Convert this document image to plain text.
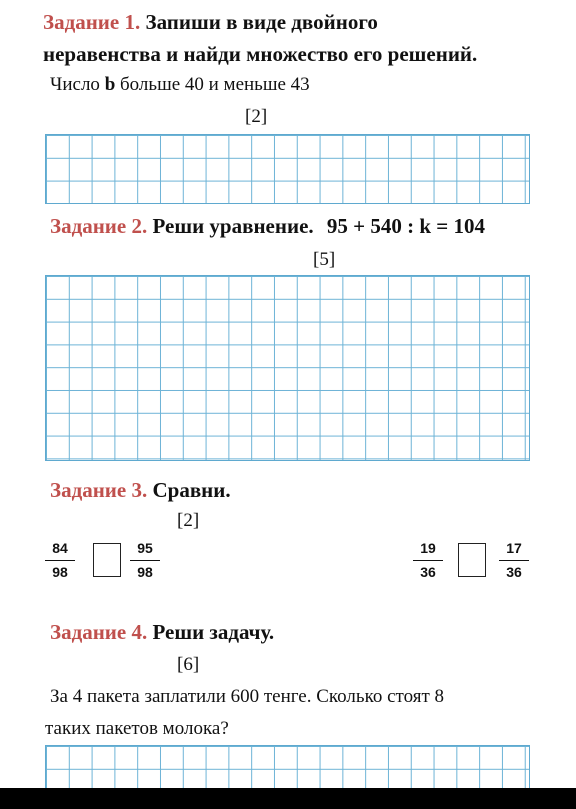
Задание 1. Запиши в виде двойного
неравенства и найди множество его решений.
Число b больше 40 и меньше 43
[2]
Задание 2. Реши уравнение. 95 + 540 : k = 104
[5]
Задание 3. Сравни.
[2]
84
98
95
98
19
36
17
36
Задание 4. Реши задачу.
[6]
За 4 пакета заплатили 600 тенге. Сколько стоят 8
таких пакетов молока?
